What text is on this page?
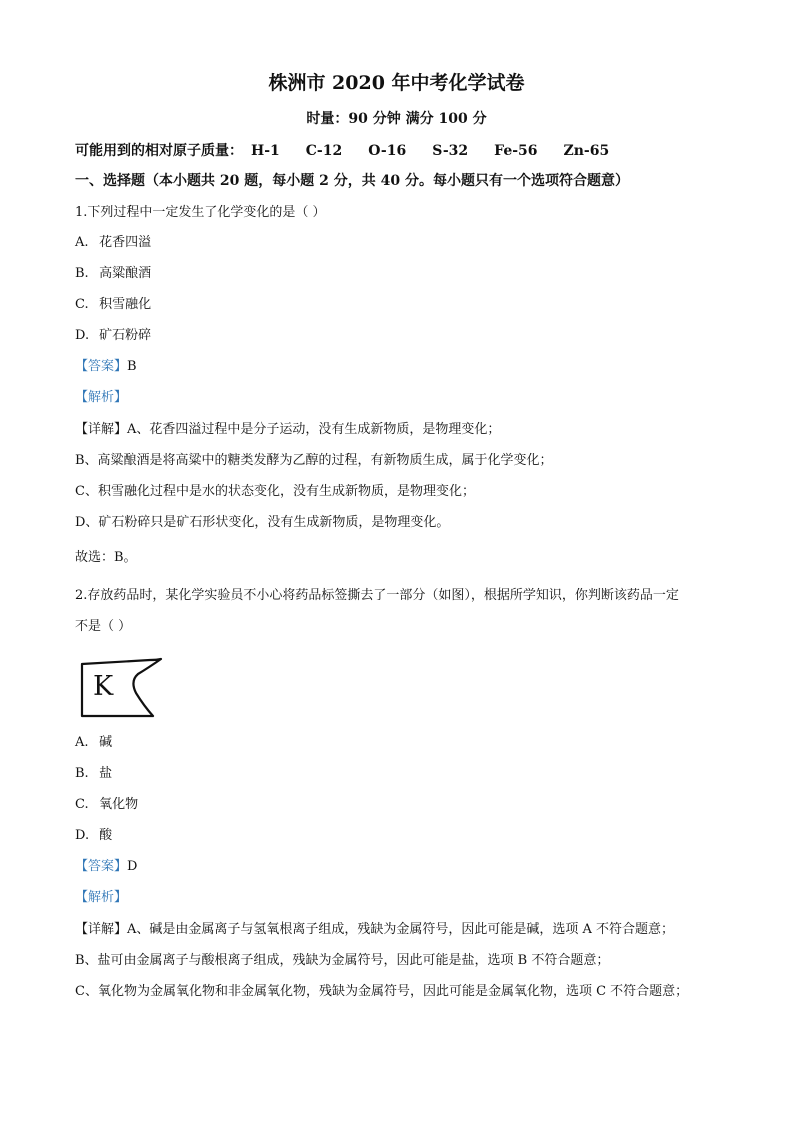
株洲市 2020 年中考化学试卷
时量：90 分钟 满分 100 分
可能用到的相对原子质量： H-1 C-12 O-16 S-32 Fe-56 Zn-65
一、选择题（本小题共 20 题，每小题 2 分，共 40 分。每小题只有一个选项符合题意）
1.下列过程中一定发生了化学变化的是（ ）
A. 花香四溢
B. 高粱酿酒
C. 积雪融化
D. 矿石粉碎
【答案】B
【解析】
【详解】A、花香四溢过程中是分子运动，没有生成新物质，是物理变化；
B、高粱酿酒是将高粱中的糖类发酵为乙醇的过程，有新物质生成，属于化学变化；
C、积雪融化过程中是水的状态变化，没有生成新物质，是物理变化；
D、矿石粉碎只是矿石形状变化，没有生成新物质，是物理变化。
故选：B。
2.存放药品时，某化学实验员不小心将药品标签撕去了一部分（如图），根据所学知识，你判断该药品一定
不是（ ）
K
A. 碱
B. 盐
C. 氧化物
D. 酸
【答案】D
【解析】
【详解】A、碱是由金属离子与氢氧根离子组成，残缺为金属符号，因此可能是碱，选项 A 不符合题意；
B、盐可由金属离子与酸根离子组成，残缺为金属符号，因此可能是盐，选项 B 不符合题意；
C、氧化物为金属氧化物和非金属氧化物，残缺为金属符号，因此可能是金属氧化物，选项 C 不符合题意；
